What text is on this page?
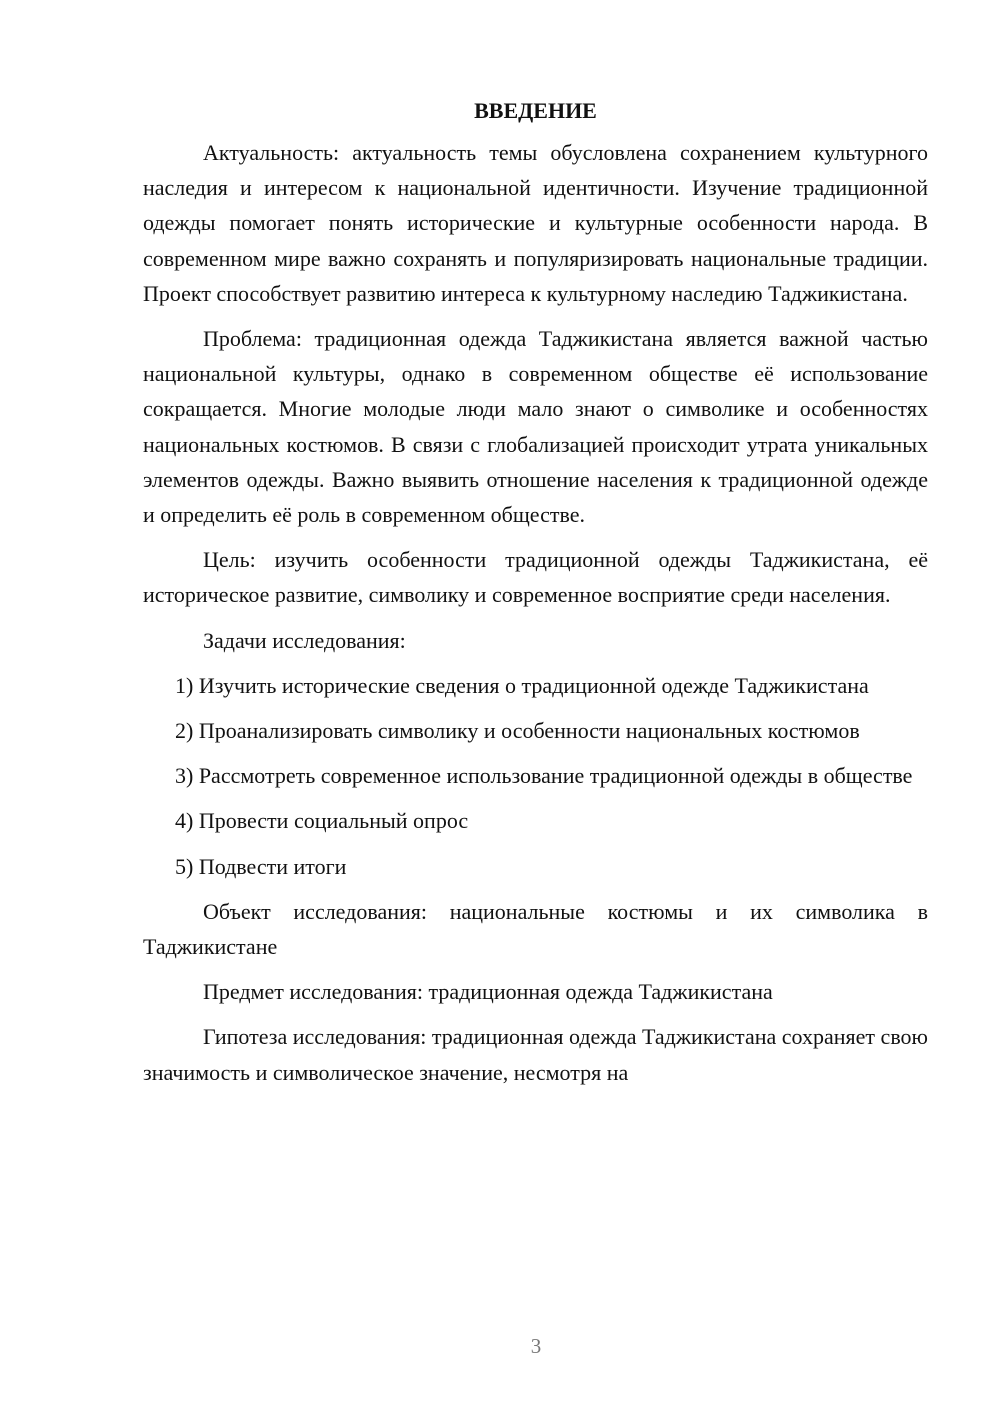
ВВЕДЕНИЕ

Актуальность: актуальность темы обусловлена сохранением культурного наследия и интересом к национальной идентичности. Изучение традиционной одежды помогает понять исторические и культурные особенности народа. В современном мире важно сохранять и популяризировать национальные традиции. Проект способствует развитию интереса к культурному наследию Таджикистана.

Проблема: традиционная одежда Таджикистана является важной частью национальной культуры, однако в современном обществе её использование сокращается. Многие молодые люди мало знают о символике и особенностях национальных костюмов. В связи с глобализацией происходит утрата уникальных элементов одежды. Важно выявить отношение населения к традиционной одежде и определить её роль в современном обществе.

Цель: изучить особенности традиционной одежды Таджикистана, её историческое развитие, символику и современное восприятие среди населения.

Задачи исследования:

1) Изучить исторические сведения о традиционной одежде Таджикистана

2) Проанализировать символику и особенности национальных костюмов

3) Рассмотреть современное использование традиционной одежды в обществе

4) Провести социальный опрос

5) Подвести итоги

Объект исследования: национальные костюмы и их символика в Таджикистане

Предмет исследования: традиционная одежда Таджикистана

Гипотеза исследования: традиционная одежда Таджикистана сохраняет свою значимость и символическое значение, несмотря на

3
